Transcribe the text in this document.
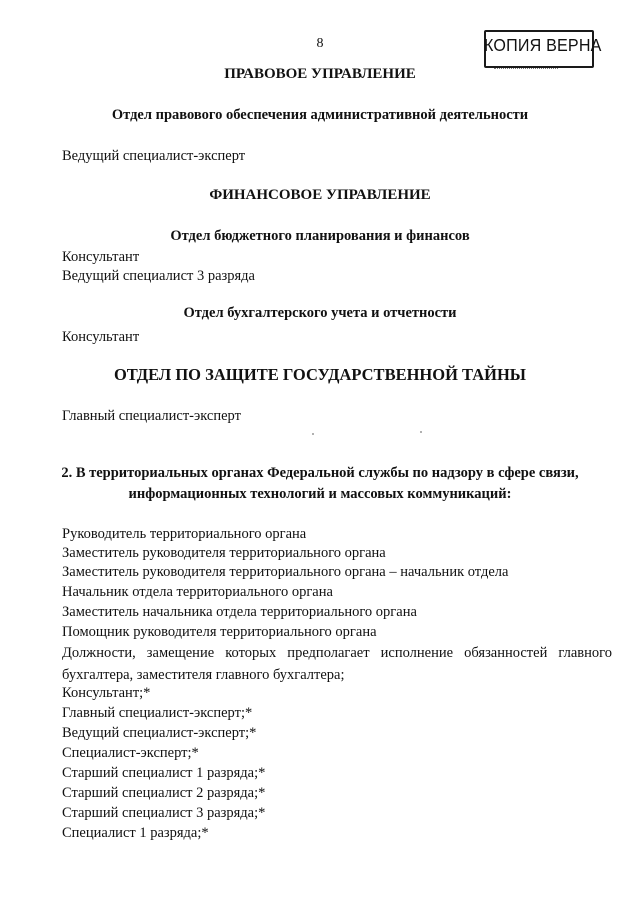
8	КОПИЯ ВЕРНА
ПРАВОВОЕ УПРАВЛЕНИЕ
Отдел правового обеспечения административной деятельности
Ведущий специалист-эксперт
ФИНАНСОВОЕ УПРАВЛЕНИЕ
Отдел бюджетного планирования и финансов
Консультант
Ведущий специалист 3 разряда
Отдел бухгалтерского учета и отчетности
Консультант
ОТДЕЛ ПО ЗАЩИТЕ ГОСУДАРСТВЕННОЙ ТАЙНЫ
Главный специалист-эксперт
2. В территориальных органах Федеральной службы по надзору в сфере связи,
информационных технологий и массовых коммуникаций:
Руководитель территориального органа
Заместитель руководителя территориального органа
Заместитель руководителя территориального органа – начальник отдела
Начальник отдела территориального органа
Заместитель начальника отдела территориального органа
Помощник руководителя территориального органа
Должности, замещение которых предполагает исполнение обязанностей главного
бухгалтера, заместителя главного бухгалтера;
Консультант;*
Главный специалист-эксперт;*
Ведущий специалист-эксперт;*
Специалист-эксперт;*
Старший специалист 1 разряда;*
Старший специалист 2 разряда;*
Старший специалист 3 разряда;*
Специалист 1 разряда;*
